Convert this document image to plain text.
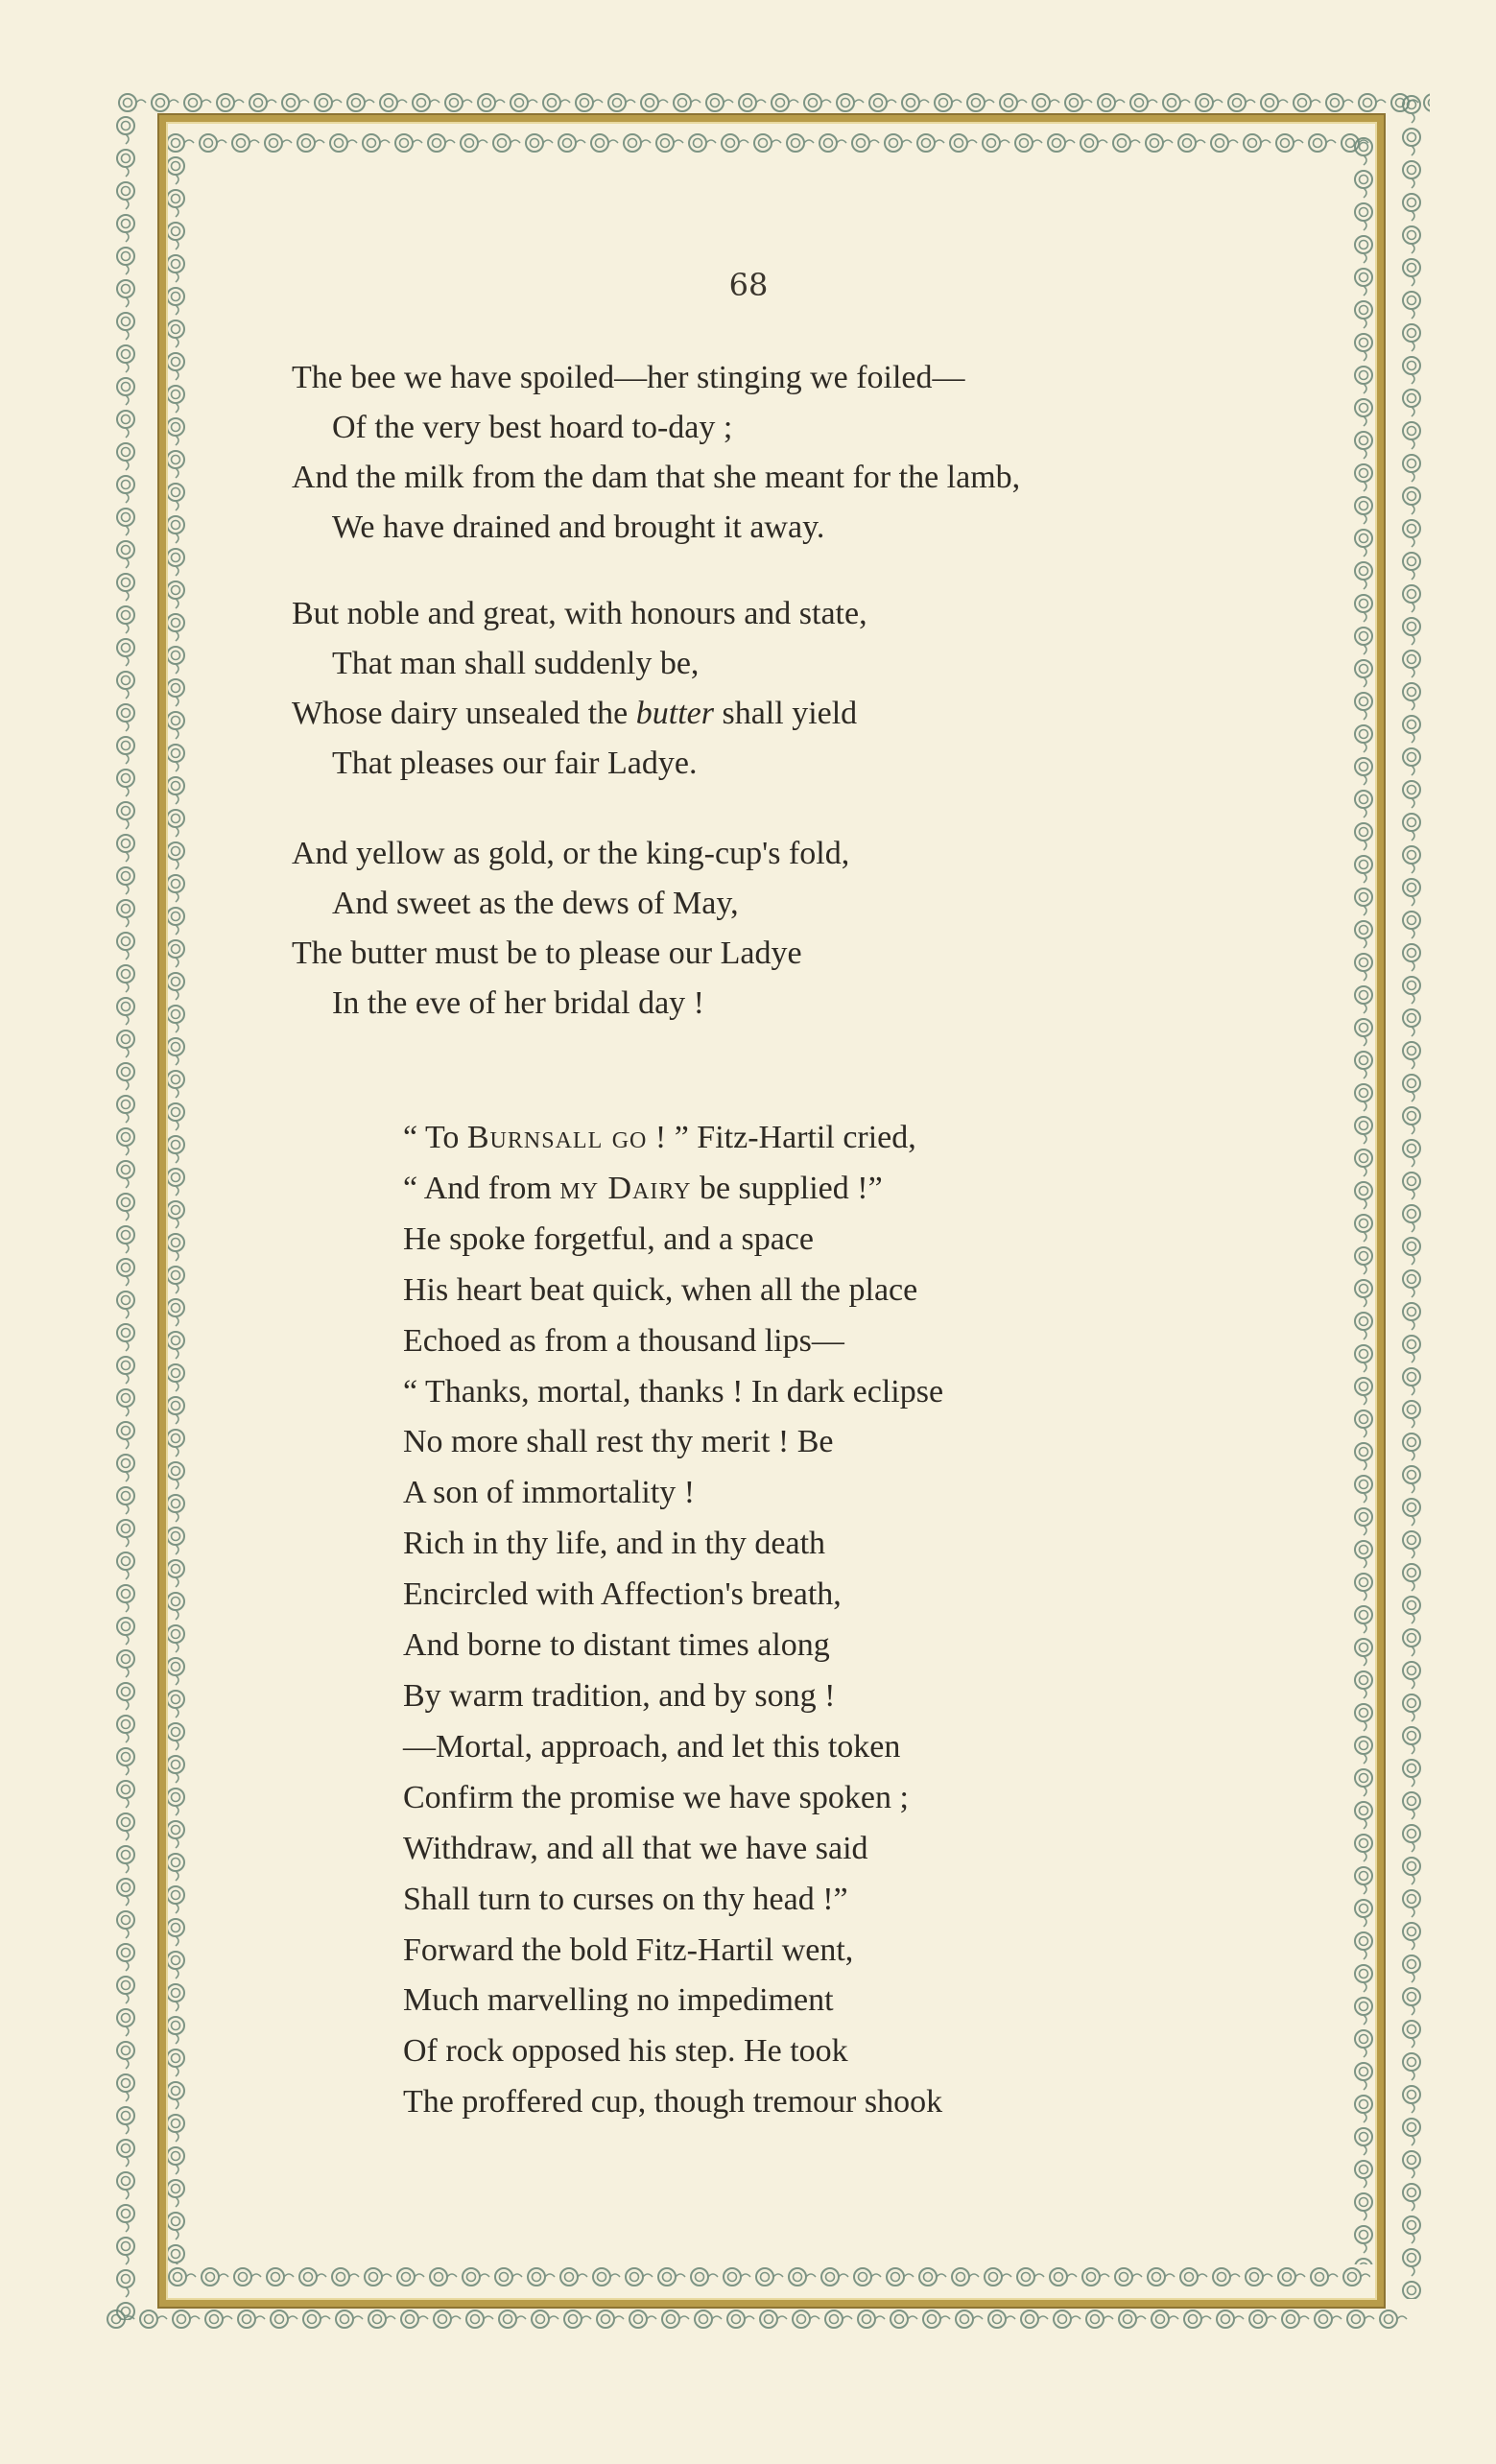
68
The bee we have spoiled—her stinging we foiled—
Of the very best hoard to-day ;
And the milk from the dam that she meant for the lamb,
We have drained and brought it away.
But noble and great, with honours and state,
That man shall suddenly be,
Whose dairy unsealed the butter shall yield
That pleases our fair Ladye.
And yellow as gold, or the king-cup's fold,
And sweet as the dews of May,
The butter must be to please our Ladye
In the eve of her bridal day !
“ To Burnsall go ! ” Fitz-Hartil cried,
“ And from my Dairy be supplied !”
He spoke forgetful, and a space
His heart beat quick, when all the place
Echoed as from a thousand lips—
“ Thanks, mortal, thanks ! In dark eclipse
No more shall rest thy merit ! Be
A son of immortality !
Rich in thy life, and in thy death
Encircled with Affection's breath,
And borne to distant times along
By warm tradition, and by song !
—Mortal, approach, and let this token
Confirm the promise we have spoken ;
Withdraw, and all that we have said
Shall turn to curses on thy head !”
Forward the bold Fitz-Hartil went,
Much marvelling no impediment
Of rock opposed his step. He took
The proffered cup, though tremour shook
